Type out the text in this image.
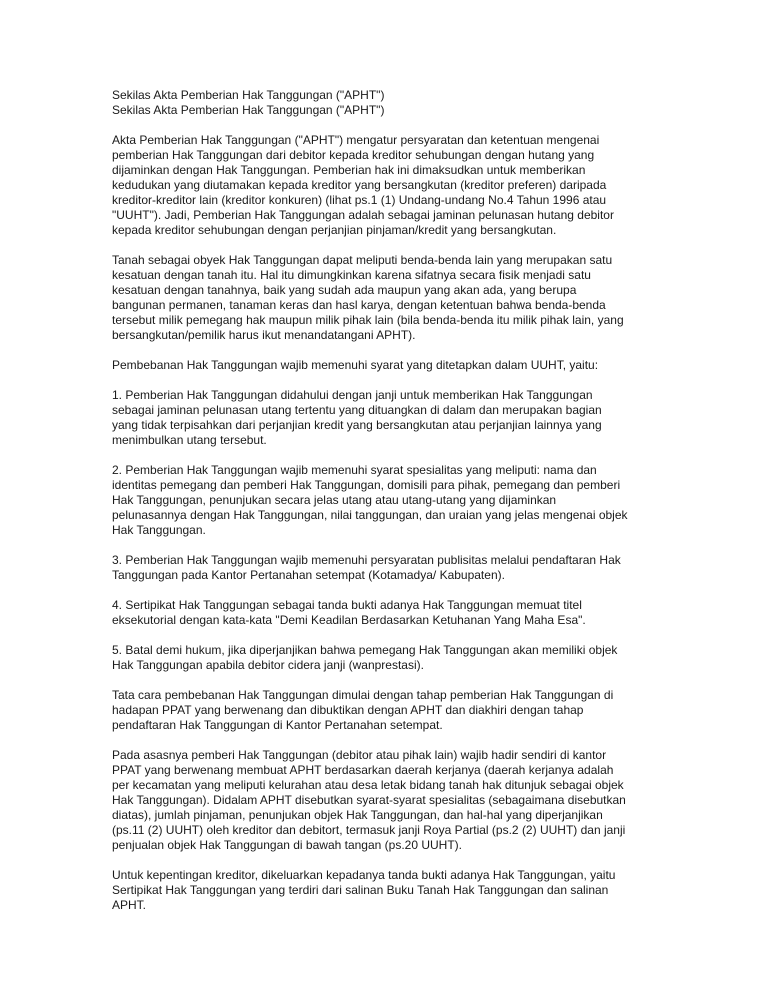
Sekilas Akta Pemberian Hak Tanggungan ("APHT")

Sekilas Akta Pemberian Hak Tanggungan ("APHT")

Akta Pemberian Hak Tanggungan ("APHT") mengatur persyaratan dan ketentuan mengenai
pemberian Hak Tanggungan dari debitor kepada kreditor sehubungan dengan hutang yang
dijaminkan dengan Hak Tanggungan. Pemberian hak ini dimaksudkan untuk memberikan
kedudukan yang diutamakan kepada kreditor yang bersangkutan (kreditor preferen) daripada
kreditor-kreditor lain (kreditor konkuren) (lihat ps.1 (1) Undang-undang No.4 Tahun 1996 atau
"UUHT"). Jadi, Pemberian Hak Tanggungan adalah sebagai jaminan pelunasan hutang debitor
kepada kreditor sehubungan dengan perjanjian pinjaman/kredit yang bersangkutan.

Tanah sebagai obyek Hak Tanggungan dapat meliputi benda-benda lain yang merupakan satu
kesatuan dengan tanah itu. Hal itu dimungkinkan karena sifatnya secara fisik menjadi satu
kesatuan dengan tanahnya, baik yang sudah ada maupun yang akan ada, yang berupa
bangunan permanen, tanaman keras dan hasl karya, dengan ketentuan bahwa benda-benda
tersebut milik pemegang hak maupun milik pihak lain (bila benda-benda itu milik pihak lain, yang
bersangkutan/pemilik harus ikut menandatangani APHT).

Pembebanan Hak Tanggungan wajib memenuhi syarat yang ditetapkan dalam UUHT, yaitu:

1. Pemberian Hak Tanggungan didahului dengan janji untuk memberikan Hak Tanggungan
sebagai jaminan pelunasan utang tertentu yang dituangkan di dalam dan merupakan bagian
yang tidak terpisahkan dari perjanjian kredit yang bersangkutan atau perjanjian lainnya yang
menimbulkan utang tersebut.

2. Pemberian Hak Tanggungan wajib memenuhi syarat spesialitas yang meliputi: nama dan
identitas pemegang dan pemberi Hak Tanggungan, domisili para pihak, pemegang dan pemberi
Hak Tanggungan, penunjukan secara jelas utang atau utang-utang yang dijaminkan
pelunasannya dengan Hak Tanggungan, nilai tanggungan, dan uraian yang jelas mengenai objek
Hak Tanggungan.

3. Pemberian Hak Tanggungan wajib memenuhi persyaratan publisitas melalui pendaftaran Hak
Tanggungan pada Kantor Pertanahan setempat (Kotamadya/ Kabupaten).

4. Sertipikat Hak Tanggungan sebagai tanda bukti adanya Hak Tanggungan memuat titel
eksekutorial dengan kata-kata "Demi Keadilan Berdasarkan Ketuhanan Yang Maha Esa".

5. Batal demi hukum, jika diperjanjikan bahwa pemegang Hak Tanggungan akan memiliki objek
Hak Tanggungan apabila debitor cidera janji (wanprestasi).

Tata cara pembebanan Hak Tanggungan dimulai dengan tahap pemberian Hak Tanggungan di
hadapan PPAT yang berwenang dan dibuktikan dengan APHT dan diakhiri dengan tahap
pendaftaran Hak Tanggungan di Kantor Pertanahan setempat.

Pada asasnya pemberi Hak Tanggungan (debitor atau pihak lain) wajib hadir sendiri di kantor
PPAT yang berwenang membuat APHT berdasarkan daerah kerjanya (daerah kerjanya adalah
per kecamatan yang meliputi kelurahan atau desa letak bidang tanah hak ditunjuk sebagai objek
Hak Tanggungan). Didalam APHT disebutkan syarat-syarat spesialitas (sebagaimana disebutkan
diatas), jumlah pinjaman, penunjukan objek Hak Tanggungan, dan hal-hal yang diperjanjikan
(ps.11 (2) UUHT) oleh kreditor dan debitort, termasuk janji Roya Partial (ps.2 (2) UUHT) dan janji
penjualan objek Hak Tanggungan di bawah tangan (ps.20 UUHT).

Untuk kepentingan kreditor, dikeluarkan kepadanya tanda bukti adanya Hak Tanggungan, yaitu
Sertipikat Hak Tanggungan yang terdiri dari salinan Buku Tanah Hak Tanggungan dan salinan
APHT.
